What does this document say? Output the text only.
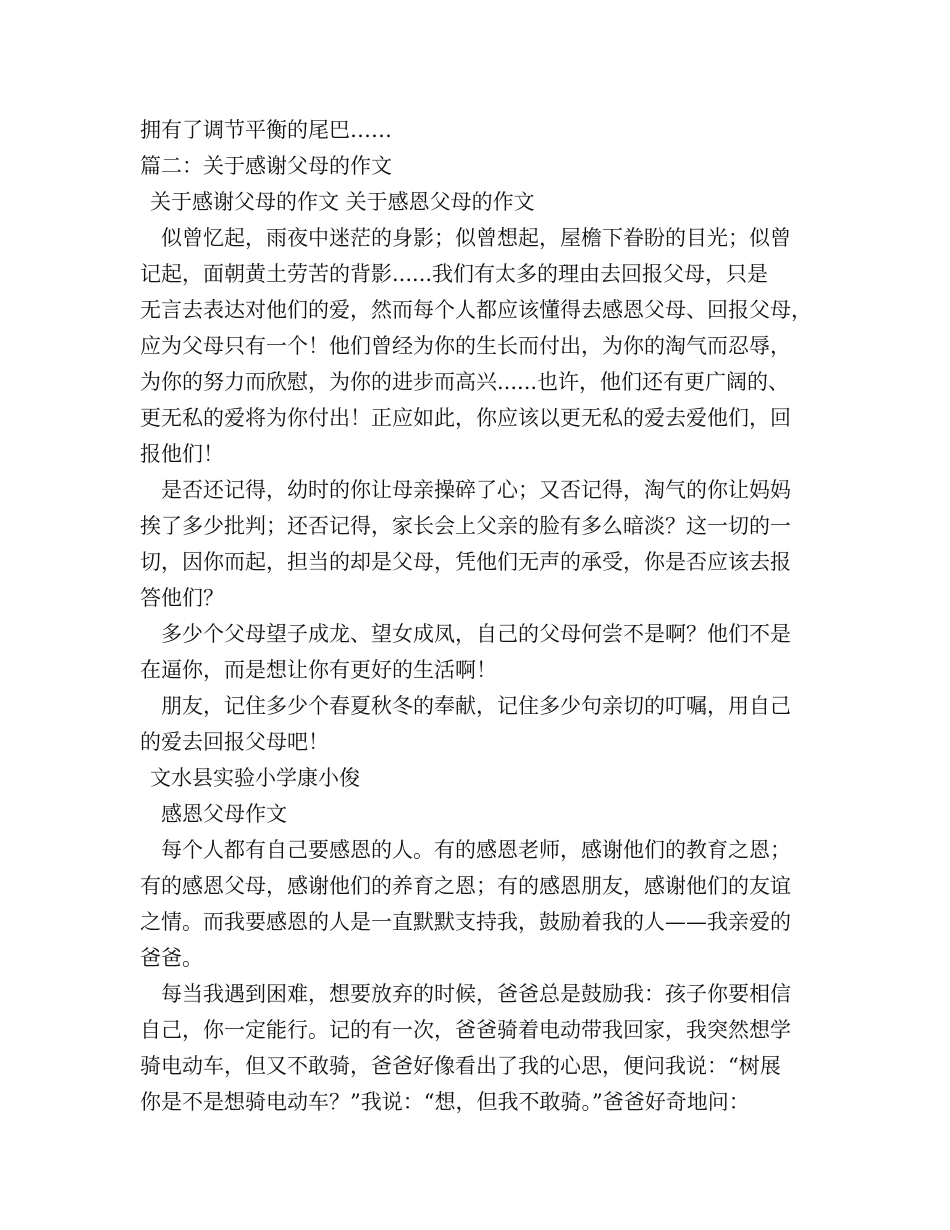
拥有了调节平衡的尾巴……
篇二：关于感谢父母的作文
关于感谢父母的作文 关于感恩父母的作文
似曾忆起，雨夜中迷茫的身影；似曾想起，屋檐下眷盼的目光；似曾
记起，面朝黄土劳苦的背影......我们有太多的理由去回报父母，只是
无言去表达对他们的爱，然而每个人都应该懂得去感恩父母、回报父母，
应为父母只有一个！他们曾经为你的生长而付出，为你的淘气而忍辱，
为你的努力而欣慰，为你的进步而高兴......也许，他们还有更广阔的、
更无私的爱将为你付出！正应如此，你应该以更无私的爱去爱他们，回
报他们！
是否还记得，幼时的你让母亲操碎了心；又否记得，淘气的你让妈妈
挨了多少批判；还否记得，家长会上父亲的脸有多么暗淡？这一切的一
切，因你而起，担当的却是父母，凭他们无声的承受，你是否应该去报
答他们？
多少个父母望子成龙、望女成凤，自己的父母何尝不是啊？他们不是
在逼你，而是想让你有更好的生活啊！
朋友，记住多少个春夏秋冬的奉献，记住多少句亲切的叮嘱，用自己
的爱去回报父母吧！
文水县实验小学康小俊
感恩父母作文
每个人都有自己要感恩的人。有的感恩老师，感谢他们的教育之恩；
有的感恩父母，感谢他们的养育之恩；有的感恩朋友，感谢他们的友谊
之情。而我要感恩的人是一直默默支持我，鼓励着我的人——我亲爱的
爸爸。
每当我遇到困难，想要放弃的时候，爸爸总是鼓励我：孩子你要相信
自己，你一定能行。记的有一次，爸爸骑着电动带我回家，我突然想学
骑电动车，但又不敢骑，爸爸好像看出了我的心思，便问我说：“树展
你是不是想骑电动车？”我说：“想，但我不敢骑。”爸爸好奇地问：
